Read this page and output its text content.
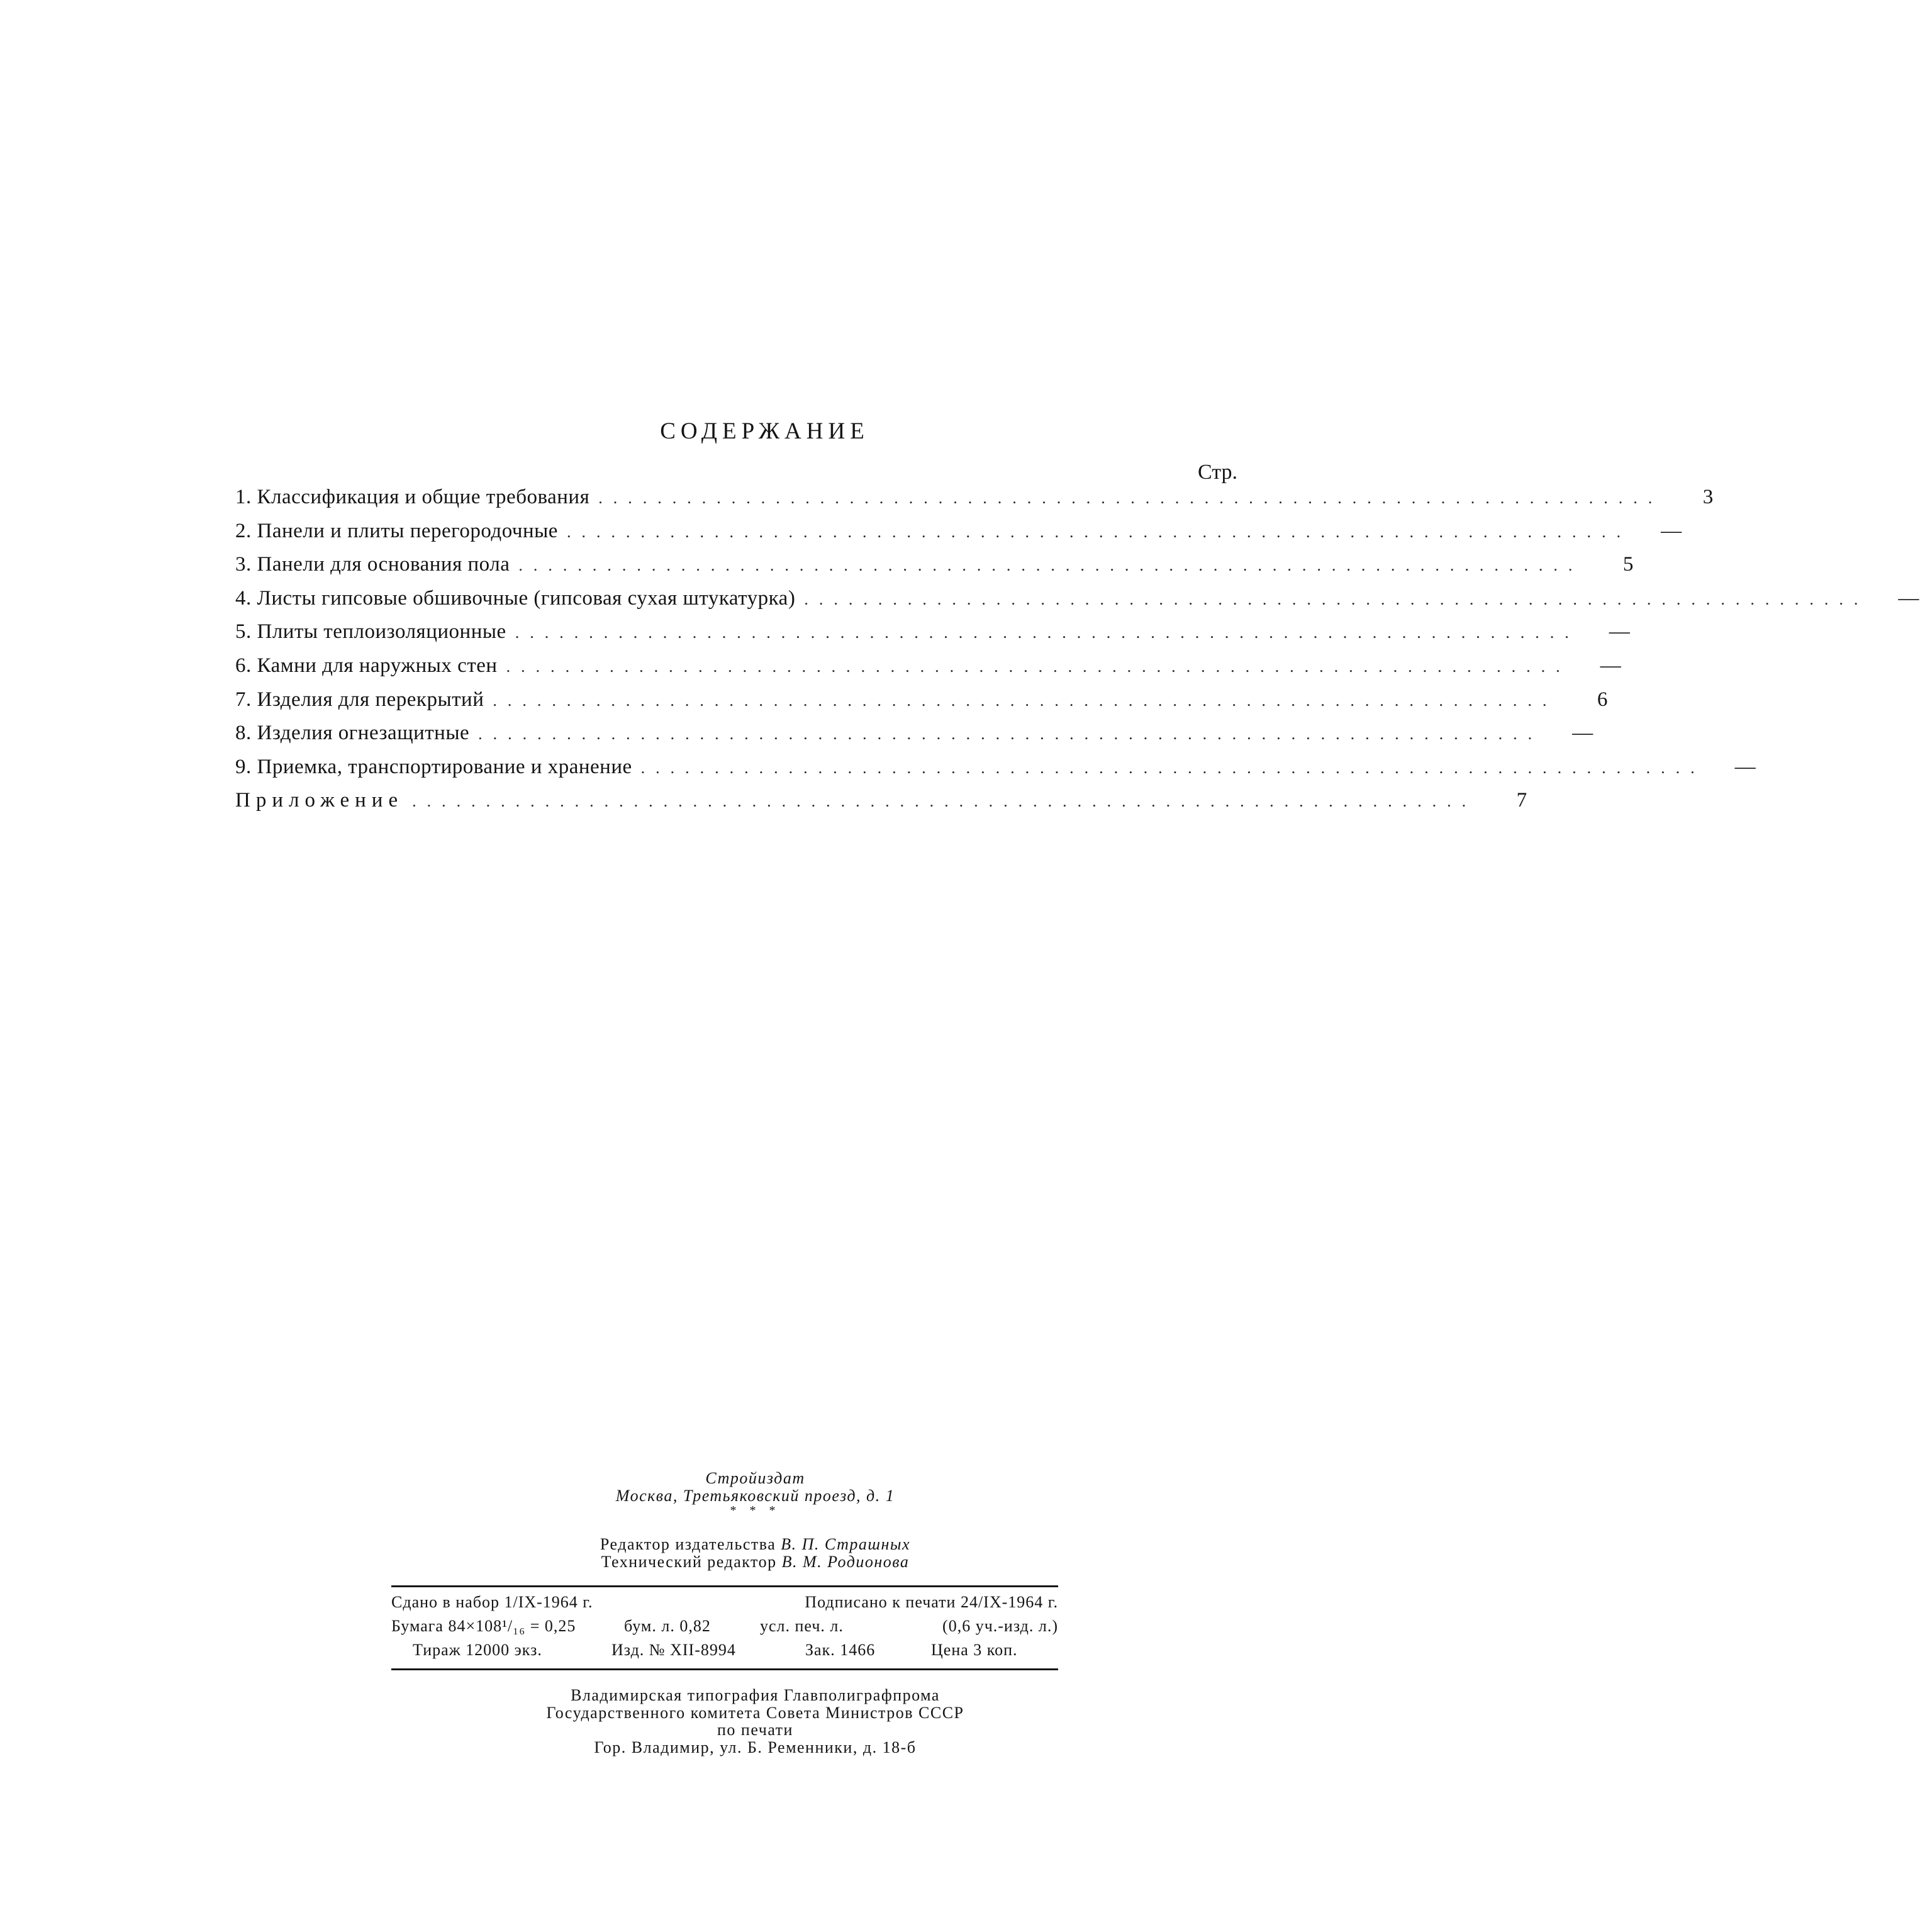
СОДЕРЖАНИЕ
Стр.
1. Классификация и общие требования ........................................................................	3
2. Панели и плиты перегородочные ........................................................................	—
3. Панели для основания пола ........................................................................	5
4. Листы гипсовые обшивочные (гипсовая сухая штукатурка) ........................................................................	—
5. Плиты теплоизоляционные ........................................................................	—
6. Камни для наружных стен ........................................................................	—
7. Изделия для перекрытий ........................................................................	6
8. Изделия огнезащитные ........................................................................	—
9. Приемка, транспортирование и хранение ........................................................................	—
Приложение ........................................................................	7
Стройиздат
Москва, Третьяковский проезд, д. 1
* * *
Редактор издательства В. П. Страшных
Технический редактор В. М. Родионова
Сдано в набор 1/IX-1964 г.	Подписано к печати 24/IX-1964 г.
Бумага 84×108¹/₁₆ = 0,25	бум. л. 0,82	усл. печ. л.	(0,6 уч.-изд. л.)
Тираж 12000 экз.	Изд. № XII-8994	Зак. 1466	Цена 3 коп.
Владимирская типография Главполиграфпрома
Государственного комитета Совета Министров СССР
по печати
Гор. Владимир, ул. Б. Ременники, д. 18-б
